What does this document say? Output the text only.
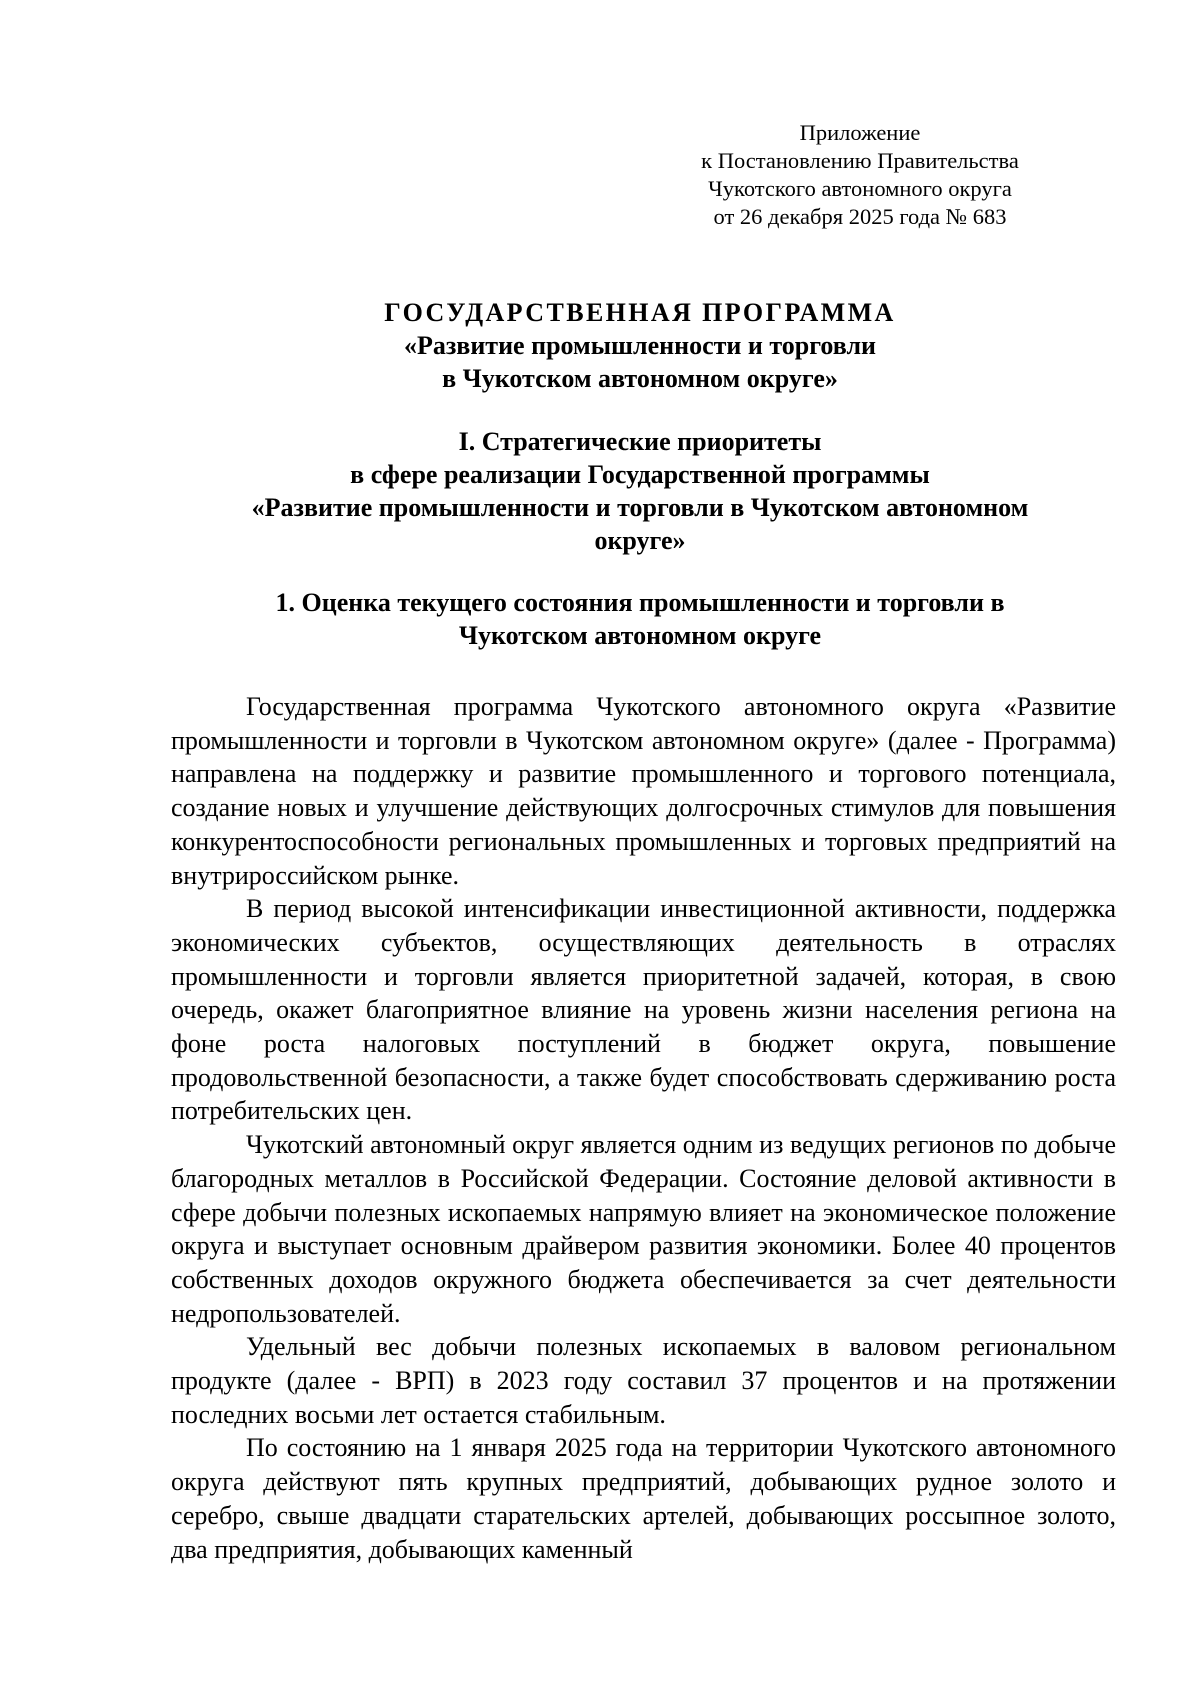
Приложение
к Постановлению Правительства
Чукотского автономного округа
от 26 декабря 2025 года № 683
ГОСУДАРСТВЕННАЯ ПРОГРАММА
«Развитие промышленности и торговли
в Чукотском автономном округе»
I. Стратегические приоритеты
в сфере реализации Государственной программы
«Развитие промышленности и торговли в Чукотском автономном
округе»
1. Оценка текущего состояния промышленности и торговли в
Чукотском автономном округе

Государственная программа Чукотского автономного округа «Развитие промышленности и торговли в Чукотском автономном округе» (далее - Программа) направлена на поддержку и развитие промышленного и торгового потенциала, создание новых и улучшение действующих долгосрочных стимулов для повышения конкурентоспособности региональных промышленных и торговых предприятий на внутрироссийском рынке.

В период высокой интенсификации инвестиционной активности, поддержка экономических субъектов, осуществляющих деятельность в отраслях промышленности и торговли является приоритетной задачей, которая, в свою очередь, окажет благоприятное влияние на уровень жизни населения региона на фоне роста налоговых поступлений в бюджет округа, повышение продовольственной безопасности, а также будет способствовать сдерживанию роста потребительских цен.

Чукотский автономный округ является одним из ведущих регионов по добыче благородных металлов в Российской Федерации. Состояние деловой активности в сфере добычи полезных ископаемых напрямую влияет на экономическое положение округа и выступает основным драйвером развития экономики. Более 40 процентов собственных доходов окружного бюджета обеспечивается за счет деятельности недропользователей.

Удельный вес добычи полезных ископаемых в валовом региональном продукте (далее - ВРП) в 2023 году составил 37 процентов и на протяжении последних восьми лет остается стабильным.

По состоянию на 1 января 2025 года на территории Чукотского автономного округа действуют пять крупных предприятий, добывающих рудное золото и серебро, свыше двадцати старательских артелей, добывающих россыпное золото, два предприятия, добывающих каменный
